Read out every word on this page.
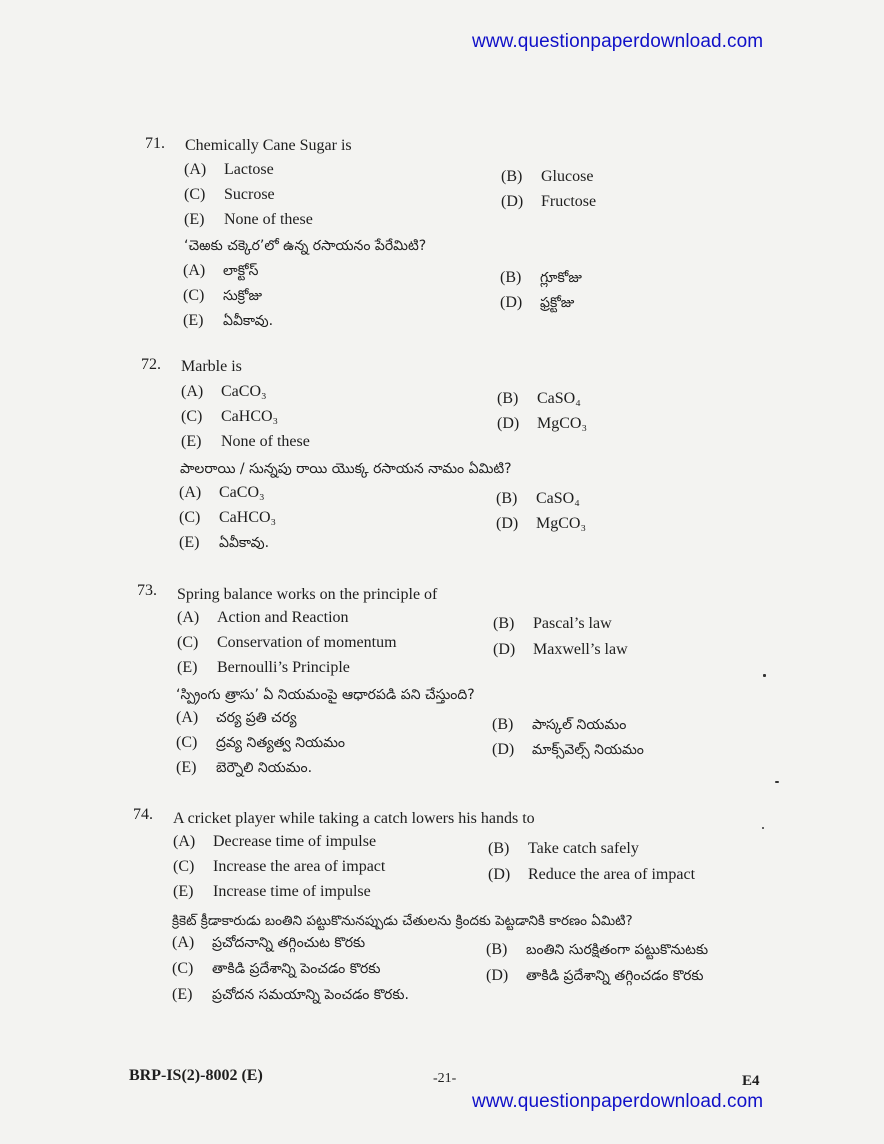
www.questionpaperdownload.com
71. Chemically Cane Sugar is
(A) Lactose	(B) Glucose
(C) Sucrose	(D) Fructose
(E) None of these
‘చెఱకు చక్కెర’లో ఉన్న రసాయనం పేరేమిటి?
(A) లాక్టోస్	(B) గ్లూకోజు
(C) సుక్రోజు	(D) ఫ్రక్టోజు
(E) ఏవీకావు.
72. Marble is
(A) CaCO₃	(B) CaSO₄
(C) CaHCO₃	(D) MgCO₃
(E) None of these
పాలరాయి / సున్నపు రాయి యొక్క రసాయన నామం ఏమిటి?
(A) CaCO₃	(B) CaSO₄
(C) CaHCO₃	(D) MgCO₃
(E) ఏవీకావు.
73. Spring balance works on the principle of
(A) Action and Reaction	(B) Pascal’s law
(C) Conservation of momentum	(D) Maxwell’s law
(E) Bernoulli’s Principle
‘స్ప్రింగు త్రాసు’ ఏ నియమంపై ఆధారపడి పని చేస్తుంది?
(A) చర్య ప్రతి చర్య	(B) పాస్కల్ నియమం
(C) ద్రవ్య నిత్యత్వ నియమం	(D) మాక్స్‌వెల్స్ నియమం
(E) బెర్నౌలి నియమం.
74. A cricket player while taking a catch lowers his hands to
(A) Decrease time of impulse	(B) Take catch safely
(C) Increase the area of impact	(D) Reduce the area of impact
(E) Increase time of impulse
క్రికెట్ క్రీడాకారుడు బంతిని పట్టుకొనునప్పుడు చేతులను క్రిందకు పెట్టడానికి కారణం ఏమిటి?
(A) ప్రచోదనాన్ని తగ్గించుట కొరకు	(B) బంతిని సురక్షితంగా పట్టుకొనుటకు
(C) తాకిడి ప్రదేశాన్ని పెంచడం కొరకు	(D) తాకిడి ప్రదేశాన్ని తగ్గించడం కొరకు
(E) ప్రచోదన సమయాన్ని పెంచడం కొరకు.
BRP-IS(2)-8002 (E)	-21-	E4
www.questionpaperdownload.com
